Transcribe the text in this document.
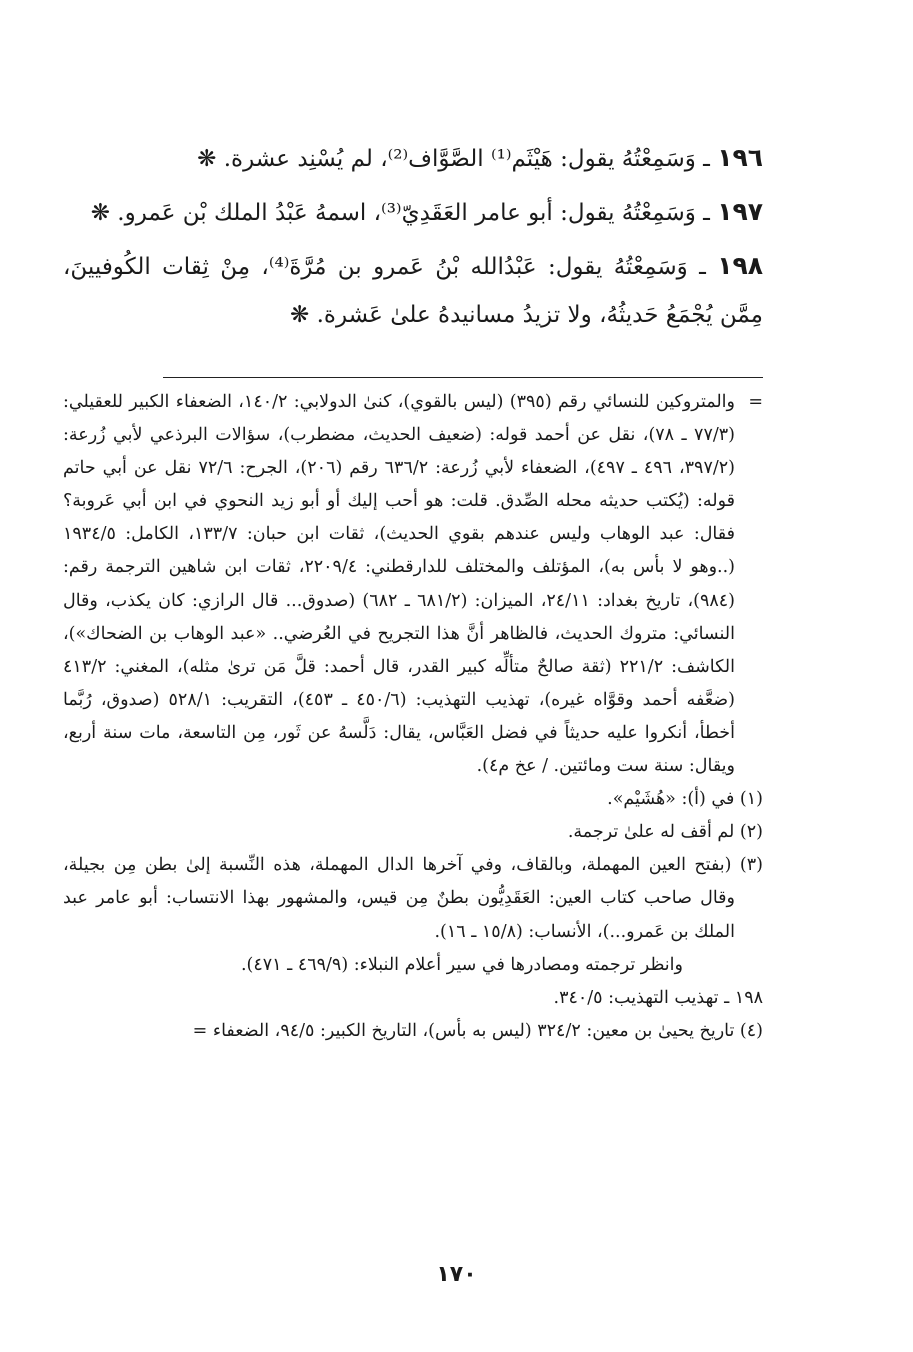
١٩٦ ـ وَسَمِعْتُهُ يقول: هَيْثَم⁽¹⁾ الصَّوَّاف⁽²⁾، لم يُسْنِد عشرة. ❋

١٩٧ ـ وَسَمِعْتُهُ يقول: أبو عامر العَقَدِيّ⁽³⁾، اسمهُ عَبْدُ الملك بْن عَمرو. ❋

١٩٨ ـ وَسَمِعْتُهُ يقول: عَبْدُالله بْنُ عَمرو بن مُرَّةَ⁽⁴⁾، مِنْ ثِقات الكُوفيينَ، مِمَّن يُجْمَعُ حَديثُهُ، ولا تزيدُ مسانيدهُ علىٰ عَشرة. ❋

=
والمتروكين للنسائي رقم (٣٩٥) (ليس بالقوي)، كنىٰ الدولابي: ١٤٠/٢، الضعفاء الكبير للعقيلي: (٧٧/٣ ـ ٧٨)، نقل عن أحمد قوله: (ضعيف الحديث، مضطرب)، سؤالات البرذعي لأبي زُرعة: (٣٩٧/٢، ٤٩٦ ـ ٤٩٧)، الضعفاء لأبي زُرعة: ٦٣٦/٢ رقم (٢٠٦)، الجرح: ٧٢/٦ نقل عن أبي حاتم قوله: (يُكتب حديثه محله الصِّدق. قلت: هو أحب إليك أو أبو زيد النحوي في ابن أبي عَروبة؟ فقال: عبد الوهاب وليس عندهم بقوي الحديث)، ثقات ابن حبان: ١٣٣/٧، الكامل: ١٩٣٤/٥ (..وهو لا بأس به)، المؤتلف والمختلف للدارقطني: ٢٢٠٩/٤، ثقات ابن شاهين الترجمة رقم: (٩٨٤)، تاريخ بغداد: ٢٤/١١، الميزان: (٦٨١/٢ ـ ٦٨٢) (صدوق... قال الرازي: كان يكذب، وقال النسائي: متروك الحديث، فالظاهر أنَّ هذا التجريح في العُرضي.. «عبد الوهاب بن الضحاك»)، الكاشف: ٢٢١/٢ (ثقة صالحٌ متألِّه كبير القدر، قال أحمد: قلَّ مَن ترىٰ مثله)، المغني: ٤١٣/٢ (ضعَّفه أحمد وقوَّاه غيره)، تهذيب التهذيب: (٤٥٠/٦ ـ ٤٥٣)، التقريب: ٥٢٨/١ (صدوق، رُبَّما أخطأ، أنكروا عليه حديثاً في فضل العَبَّاس، يقال: دَلَّسهُ عن ثَور، مِن التاسعة، مات سنة أربع، ويقال: سنة ست ومائتين. / عخ م٤).

(١) في (أ): «هُشَيْم».

(٢) لم أقف له علىٰ ترجمة.

(٣) (بفتح العين المهملة، وبالقاف، وفي آخرها الدال المهملة، هذه النِّسبة إلىٰ بطن مِن بجيلة، وقال صاحب كتاب العين: العَقَدِيُّون بطنٌ مِن قيس، والمشهور بهذا الانتساب: أبو عامر عبد الملك بن عَمرو...)، الأنساب: (١٥/٨ ـ ١٦).

وانظر ترجمته ومصادرها في سير أعلام النبلاء: (٤٦٩/٩ ـ ٤٧١).

١٩٨ ـ تهذيب التهذيب: ٣٤٠/٥.

(٤) تاريخ يحيىٰ بن معين: ٣٢٤/٢ (ليس به بأس)، التاريخ الكبير: ٩٤/٥، الضعفاء =

١٧٠
